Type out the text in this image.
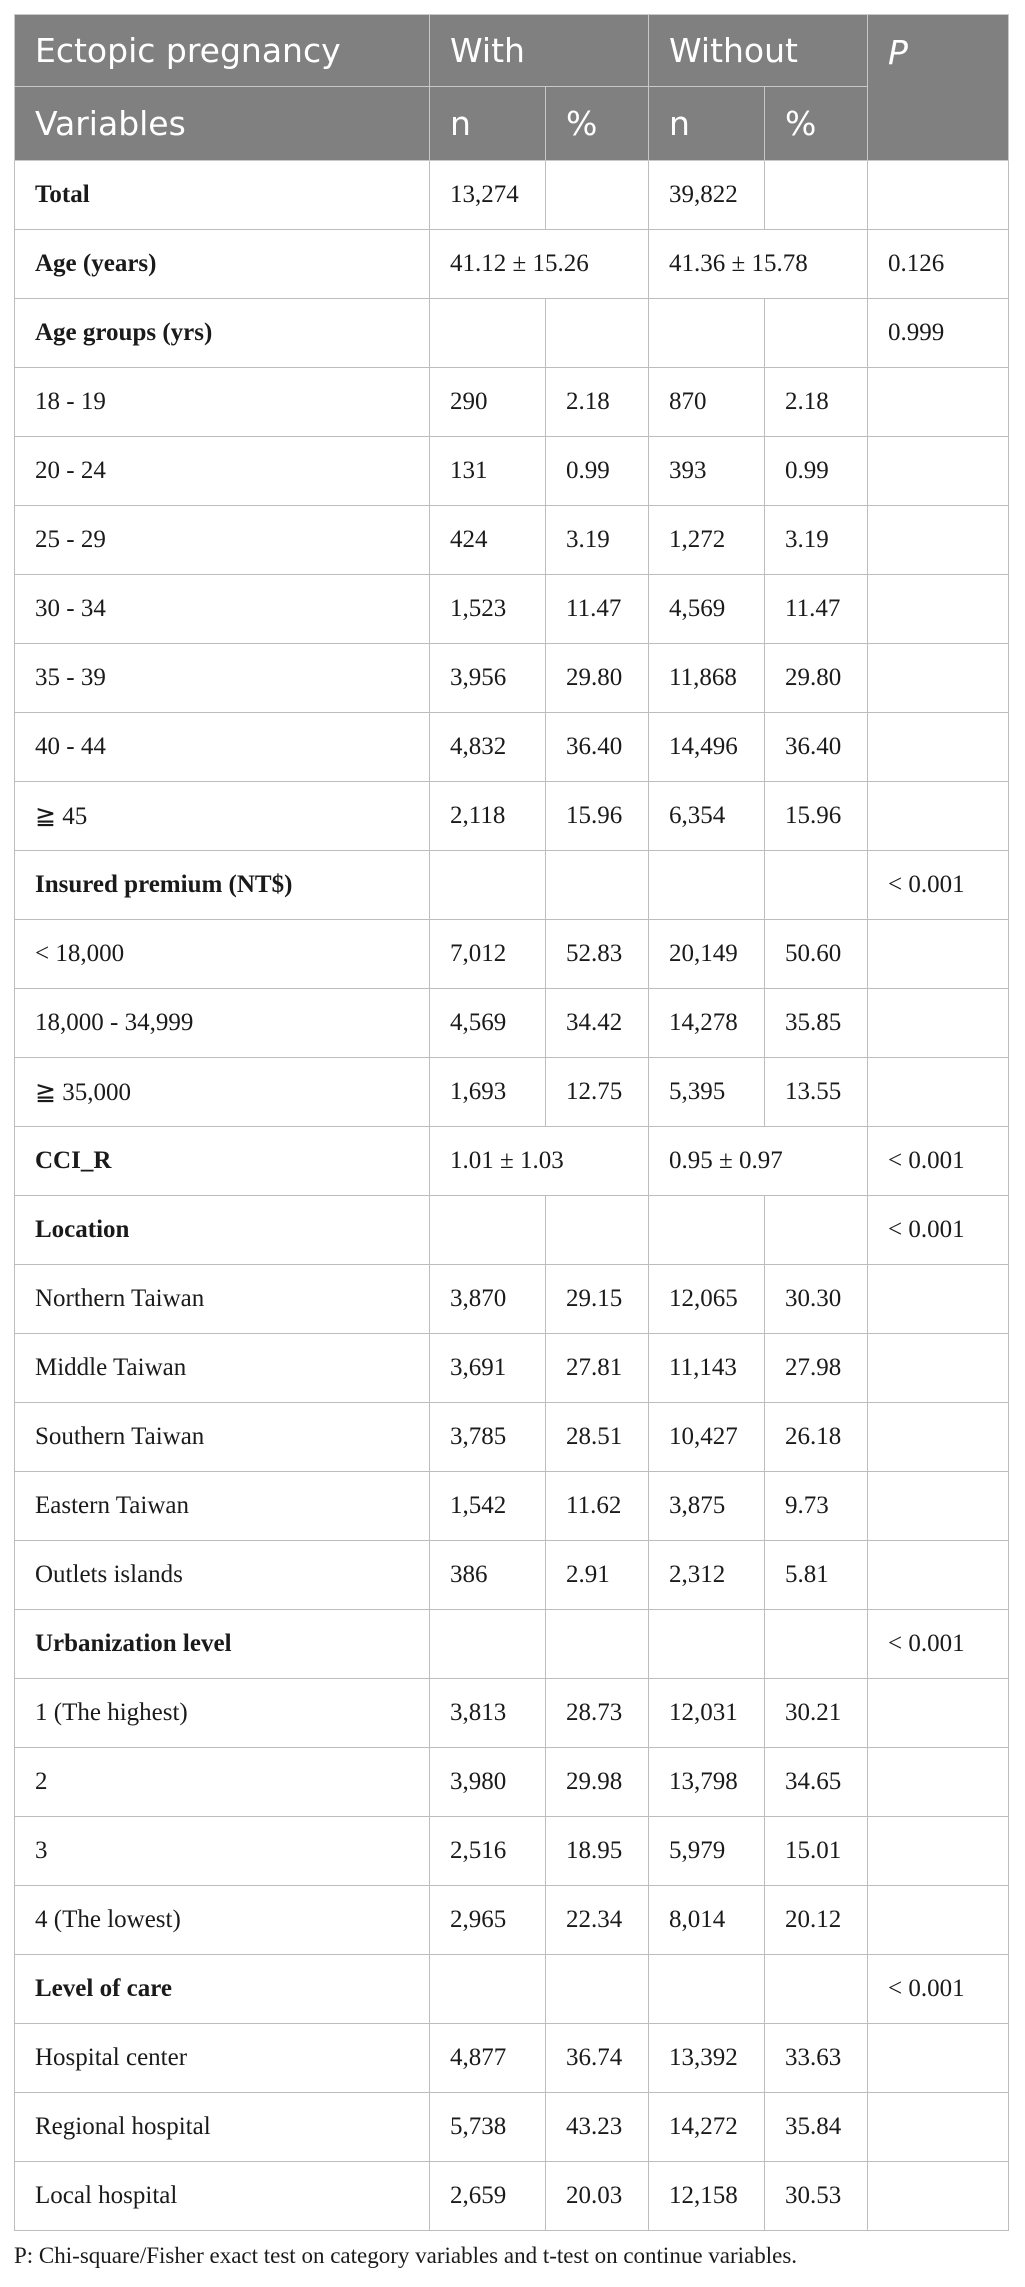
Ectopic pregnancy	With		Without		P
Variables	n	%	n	%	
Total	13,274		39,822		
Age (years)	41.12 ± 15.26		41.36 ± 15.78		0.126
Age groups (yrs)					0.999
18 - 19	290	2.18	870	2.18	
20 - 24	131	0.99	393	0.99	
25 - 29	424	3.19	1,272	3.19	
30 - 34	1,523	11.47	4,569	11.47	
35 - 39	3,956	29.80	11,868	29.80	
40 - 44	4,832	36.40	14,496	36.40	
≧ 45	2,118	15.96	6,354	15.96	
Insured premium (NT$)					< 0.001
< 18,000	7,012	52.83	20,149	50.60	
18,000 - 34,999	4,569	34.42	14,278	35.85	
≧ 35,000	1,693	12.75	5,395	13.55	
CCI_R	1.01 ± 1.03		0.95 ± 0.97		< 0.001
Location					< 0.001
Northern Taiwan	3,870	29.15	12,065	30.30	
Middle Taiwan	3,691	27.81	11,143	27.98	
Southern Taiwan	3,785	28.51	10,427	26.18	
Eastern Taiwan	1,542	11.62	3,875	9.73	
Outlets islands	386	2.91	2,312	5.81	
Urbanization level					< 0.001
1 (The highest)	3,813	28.73	12,031	30.21	
2	3,980	29.98	13,798	34.65	
3	2,516	18.95	5,979	15.01	
4 (The lowest)	2,965	22.34	8,014	20.12	
Level of care					< 0.001
Hospital center	4,877	36.74	13,392	33.63	
Regional hospital	5,738	43.23	14,272	35.84	
Local hospital	2,659	20.03	12,158	30.53	
P: Chi-square/Fisher exact test on category variables and t-test on continue variables.
